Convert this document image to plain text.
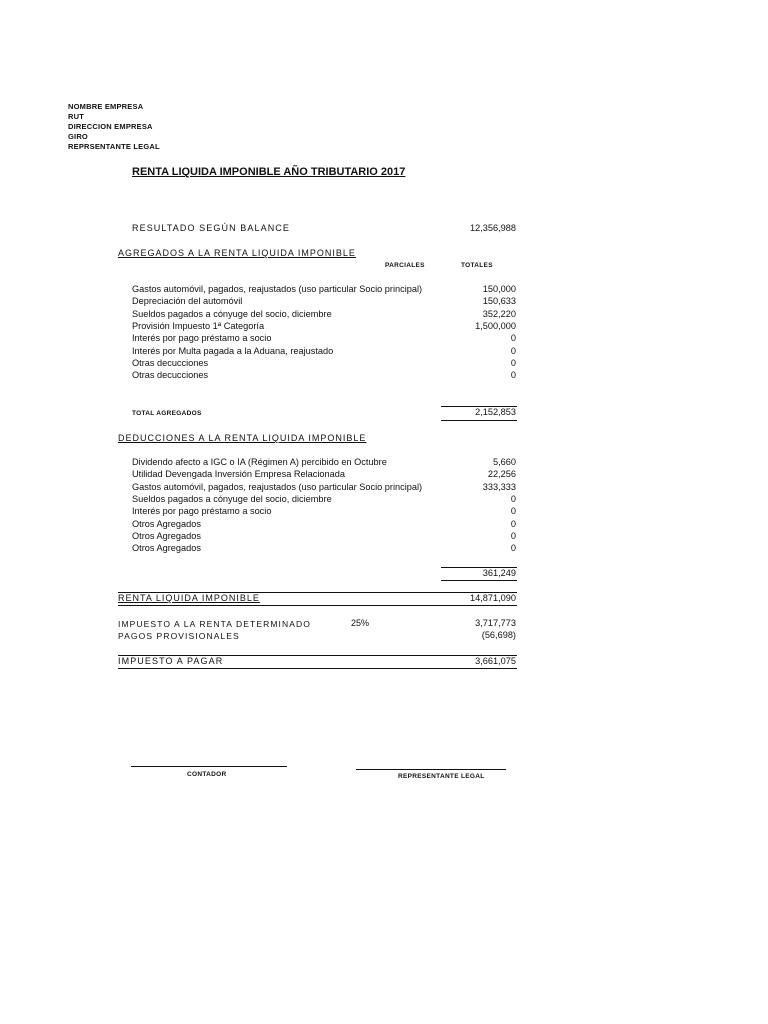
NOMBRE EMPRESA
RUT
DIRECCION EMPRESA
GIRO
REPRSENTANTE LEGAL
RENTA LIQUIDA IMPONIBLE AÑO TRIBUTARIO 2017
RESULTADO SEGÚN BALANCE	12,356,988
AGREGADOS A LA RENTA LIQUIDA IMPONIBLE
PARCIALES	TOTALES
Gastos automóvil, pagados, reajustados (uso particular Socio principal)	150,000
Depreciación del automóvil	150,633
Sueldos pagados a cónyuge del socio, diciembre	352,220
Provisión Impuesto 1ª Categoría	1,500,000
Interés por pago préstamo a socio	0
Interés por Multa pagada a la Aduana, reajustado	0
Otras decucciones	0
Otras decucciones	0
TOTAL AGREGADOS	2,152,853
DEDUCCIONES A LA RENTA LIQUIDA IMPONIBLE
Dividendo afecto a IGC o IA (Régimen A) percibido en Octubre	5,660
Utilidad Devengada Inversión Empresa Relacionada	22,256
Gastos automóvil, pagados, reajustados (uso particular Socio principal)	333,333
Sueldos pagados a cónyuge del socio, diciembre	0
Interés por pago préstamo a socio	0
Otros Agregados	0
Otros Agregados	0
Otros Agregados	0
361,249
RENTA LIQUIDA IMPONIBLE	14,871,090
IMPUESTO A LA RENTA DETERMINADO	25%	3,717,773
PAGOS PROVISIONALES	(56,698)
IMPUESTO A PAGAR	3,661,075
CONTADOR	REPRESENTANTE LEGAL
